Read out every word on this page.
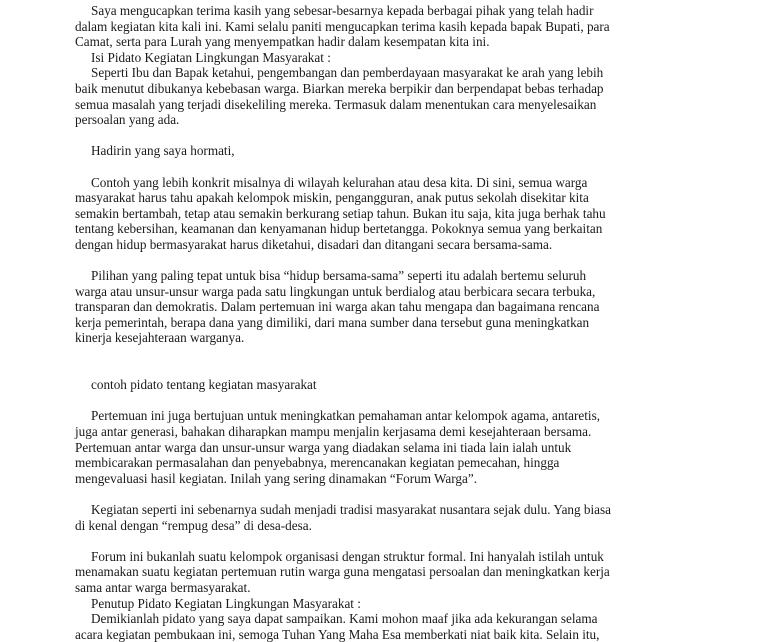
Saya mengucapkan terima kasih yang sebesar-besarnya kepada berbagai pihak yang telah hadir

dalam kegiatan kita kali ini. Kami selalu paniti mengucapkan terima kasih kepada bapak Bupati, para

Camat, serta para Lurah yang menyempatkan hadir dalam kesempatan kita ini.

Isi Pidato Kegiatan Lingkungan Masyarakat :

Seperti Ibu dan Bapak ketahui, pengembangan dan pemberdayaan masyarakat ke arah yang lebih

baik menutut dibukanya kebebasan warga. Biarkan mereka berpikir dan berpendapat bebas terhadap

semua masalah yang terjadi disekeliling mereka. Termasuk dalam menentukan cara menyelesaikan

persoalan yang ada.

Hadirin yang saya hormati,

Contoh yang lebih konkrit misalnya di wilayah kelurahan atau desa kita. Di sini, semua warga

masyarakat harus tahu apakah kelompok miskin, pengangguran, anak putus sekolah disekitar kita

semakin bertambah, tetap atau semakin berkurang setiap tahun. Bukan itu saja, kita juga berhak tahu

tentang kebersihan, keamanan dan kenyamanan hidup bertetangga. Pokoknya semua yang berkaitan

dengan hidup bermasyarakat harus diketahui, disadari dan ditangani secara bersama-sama.

Pilihan yang paling tepat untuk bisa “hidup bersama-sama” seperti itu adalah bertemu seluruh

warga atau unsur-unsur warga pada satu lingkungan untuk berdialog atau berbicara secara terbuka,

transparan dan demokratis. Dalam pertemuan ini warga akan tahu mengapa dan bagaimana rencana

kerja pemerintah, berapa dana yang dimiliki, dari mana sumber dana tersebut guna meningkatkan

kinerja kesejahteraan warganya.

contoh pidato tentang kegiatan masyarakat

Pertemuan ini juga bertujuan untuk meningkatkan pemahaman antar kelompok agama, antaretis,

juga antar generasi, bahakan diharapkan mampu menjalin kerjasama demi kesejahteraan bersama.

Pertemuan antar warga dan unsur-unsur warga yang diadakan selama ini tiada lain ialah untuk

membicarakan permasalahan dan penyebabnya, merencanakan kegiatan pemecahan, hingga

mengevaluasi hasil kegiatan. Inilah yang sering dinamakan “Forum Warga”.

Kegiatan seperti ini sebenarnya sudah menjadi tradisi masyarakat nusantara sejak dulu. Yang biasa

di kenal dengan “rempug desa” di desa-desa.

Forum ini bukanlah suatu kelompok organisasi dengan struktur formal. Ini hanyalah istilah untuk

menamakan suatu kegiatan pertemuan rutin warga guna mengatasi persoalan dan meningkatkan kerja

sama antar warga bermasyarakat.

Penutup Pidato Kegiatan Lingkungan Masyarakat :

Demikianlah pidato yang saya dapat sampaikan. Kami mohon maaf jika ada kekurangan selama

acara kegiatan pembukaan ini, semoga Tuhan Yang Maha Esa memberkati niat baik kita. Selain itu,
